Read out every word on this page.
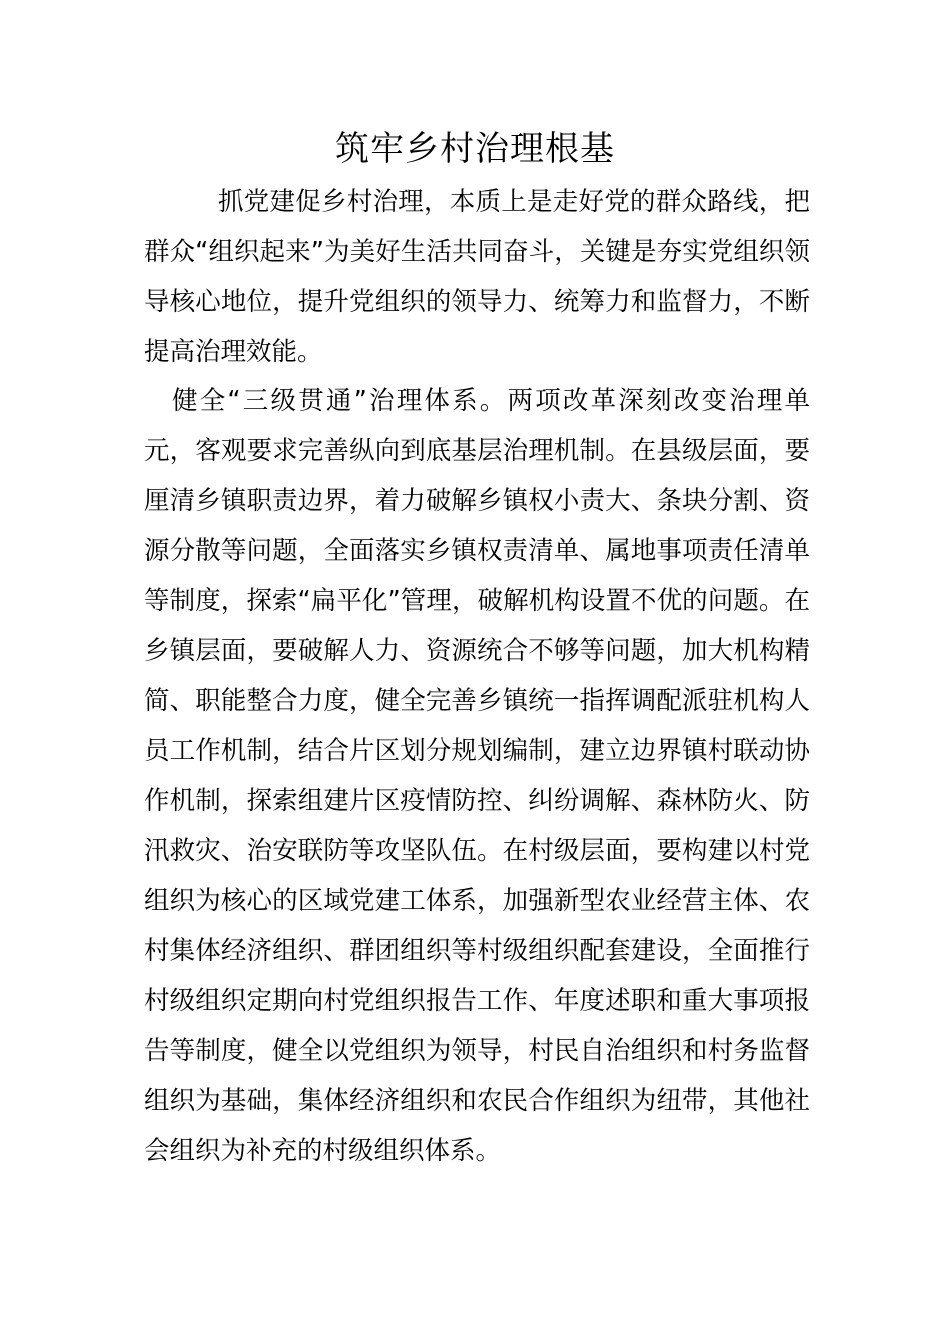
筑牢乡村治理根基

抓党建促乡村治理，本质上是走好党的群众路线，把群众“组织起来”为美好生活共同奋斗，关键是夯实党组织领导核心地位，提升党组织的领导力、统筹力和监督力，不断提高治理效能。

健全“三级贯通”治理体系。两项改革深刻改变治理单元，客观要求完善纵向到底基层治理机制。在县级层面，要厘清乡镇职责边界，着力破解乡镇权小责大、条块分割、资源分散等问题，全面落实乡镇权责清单、属地事项责任清单等制度，探索“扁平化”管理，破解机构设置不优的问题。在乡镇层面，要破解人力、资源统合不够等问题，加大机构精简、职能整合力度，健全完善乡镇统一指挥调配派驻机构人员工作机制，结合片区划分规划编制，建立边界镇村联动协作机制，探索组建片区疫情防控、纠纷调解、森林防火、防汛救灾、治安联防等攻坚队伍。在村级层面，要构建以村党组织为核心的区域党建工体系，加强新型农业经营主体、农村集体经济组织、群团组织等村级组织配套建设，全面推行村级组织定期向村党组织报告工作、年度述职和重大事项报告等制度，健全以党组织为领导，村民自治组织和村务监督组织为基础，集体经济组织和农民合作组织为纽带，其他社会组织为补充的村级组织体系。
